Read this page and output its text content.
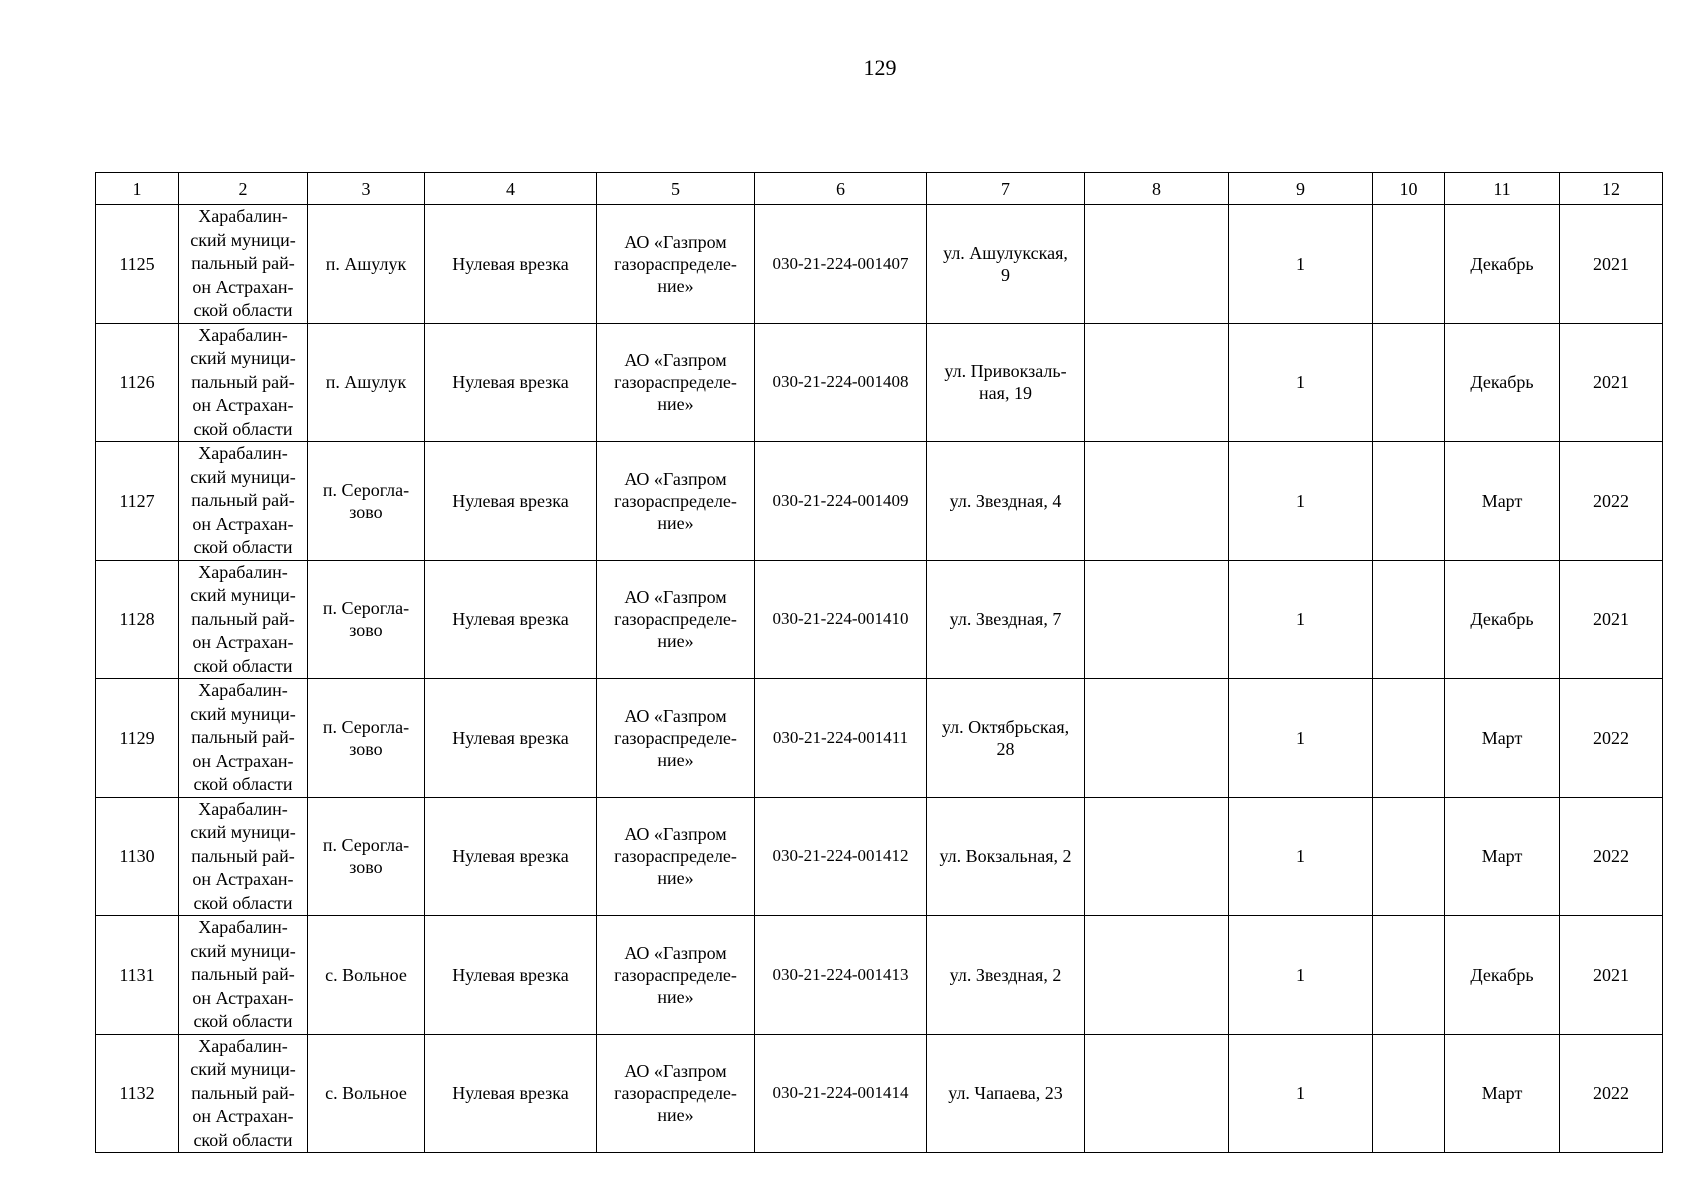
129
1	2	3	4	5	6	7	8	9	10	11	12
1125	Харабалин-
ский муници-
пальный рай-
он Астрахан-
ской области	п. Ашулук	Нулевая врезка	АО «Газпром
газораспределе-
ние»	030-21-224-001407	ул. Ашулукская,
9		1		Декабрь	2021
1126	Харабалин-
ский муници-
пальный рай-
он Астрахан-
ской области	п. Ашулук	Нулевая врезка	АО «Газпром
газораспределе-
ние»	030-21-224-001408	ул. Привокзаль-
ная, 19		1		Декабрь	2021
1127	Харабалин-
ский муници-
пальный рай-
он Астрахан-
ской области	п. Серогла-
зово	Нулевая врезка	АО «Газпром
газораспределе-
ние»	030-21-224-001409	ул. Звездная, 4		1		Март	2022
1128	Харабалин-
ский муници-
пальный рай-
он Астрахан-
ской области	п. Серогла-
зово	Нулевая врезка	АО «Газпром
газораспределе-
ние»	030-21-224-001410	ул. Звездная, 7		1		Декабрь	2021
1129	Харабалин-
ский муници-
пальный рай-
он Астрахан-
ской области	п. Серогла-
зово	Нулевая врезка	АО «Газпром
газораспределе-
ние»	030-21-224-001411	ул. Октябрьская,
28		1		Март	2022
1130	Харабалин-
ский муници-
пальный рай-
он Астрахан-
ской области	п. Серогла-
зово	Нулевая врезка	АО «Газпром
газораспределе-
ние»	030-21-224-001412	ул. Вокзальная, 2		1		Март	2022
1131	Харабалин-
ский муници-
пальный рай-
он Астрахан-
ской области	с. Вольное	Нулевая врезка	АО «Газпром
газораспределе-
ние»	030-21-224-001413	ул. Звездная, 2		1		Декабрь	2021
1132	Харабалин-
ский муници-
пальный рай-
он Астрахан-
ской области	с. Вольное	Нулевая врезка	АО «Газпром
газораспределе-
ние»	030-21-224-001414	ул. Чапаева, 23		1		Март	2022
